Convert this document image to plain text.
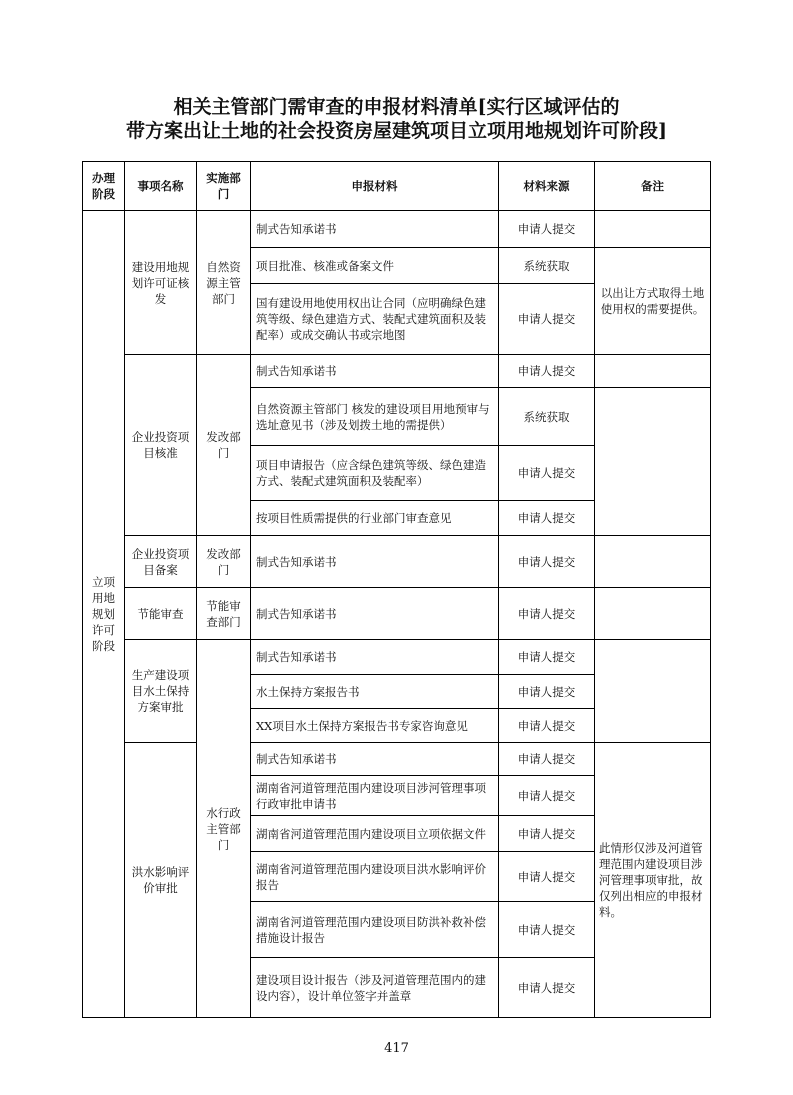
相关主管部门需审查的申报材料清单[实行区域评估的
带方案出让土地的社会投资房屋建筑项目立项用地规划许可阶段]
办理阶段	事项名称	实施部门	申报材料	材料来源	备注
立项用地规划许可阶段	建设用地规划许可证核发	自然资源主管部门	制式告知承诺书	申请人提交	
			项目批准、核准或备案文件	系统获取	以出让方式取得土地使用权的需要提供。
			国有建设用地使用权出让合同（应明确绿色建筑等级、绿色建造方式、装配式建筑面积及装配率）或成交确认书或宗地图	申请人提交	
	企业投资项目核准	发改部门	制式告知承诺书	申请人提交	
			自然资源主管部门 核发的建设项目用地预审与选址意见书（涉及划拨土地的需提供）	系统获取	
			项目申请报告（应含绿色建筑等级、绿色建造方式、装配式建筑面积及装配率）	申请人提交	
			按项目性质需提供的行业部门审查意见	申请人提交	
	企业投资项目备案	发改部门	制式告知承诺书	申请人提交	
	节能审查	节能审查部门	制式告知承诺书	申请人提交	
	生产建设项目水土保持方案审批	水行政主管部门	制式告知承诺书	申请人提交	
			水土保持方案报告书	申请人提交	
			XX项目水土保持方案报告书专家咨询意见	申请人提交	
	洪水影响评价审批		制式告知承诺书	申请人提交	此情形仅涉及河道管理范围内建设项目涉河管理事项审批，故仅列出相应的申报材料。
			湖南省河道管理范围内建设项目涉河管理事项行政审批申请书	申请人提交	
			湖南省河道管理范围内建设项目立项依据文件	申请人提交	
			湖南省河道管理范围内建设项目洪水影响评价报告	申请人提交	
			湖南省河道管理范围内建设项目防洪补救补偿措施设计报告	申请人提交	
			建设项目设计报告（涉及河道管理范围内的建设内容），设计单位签字并盖章	申请人提交	
417
